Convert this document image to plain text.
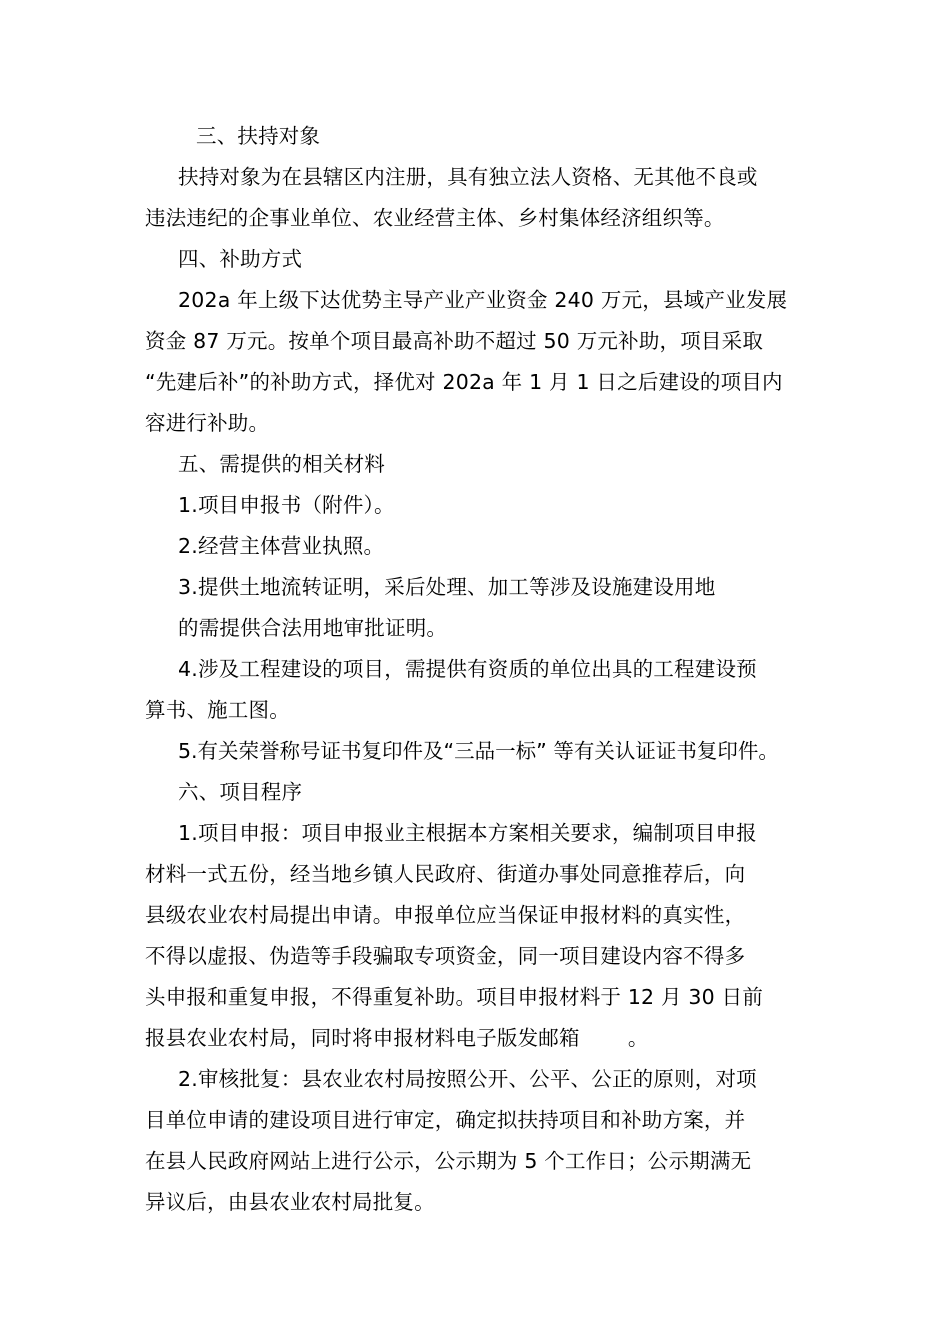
三、扶持对象
扶持对象为在县辖区内注册，具有独立法人资格、无其他不良或
违法违纪的企事业单位、农业经营主体、乡村集体经济组织等。
四、补助方式
202a 年上级下达优势主导产业产业资金 240 万元，县域产业发展
资金 87 万元。按单个项目最高补助不超过 50 万元补助，项目采取
“先建后补”的补助方式，择优对 202a 年 1 月 1 日之后建设的项目内
容进行补助。
五、需提供的相关材料
1.项目申报书（附件）。
2.经营主体营业执照。
3.提供土地流转证明，采后处理、加工等涉及设施建设用地
的需提供合法用地审批证明。
4.涉及工程建设的项目，需提供有资质的单位出具的工程建设预
算书、施工图。
5.有关荣誉称号证书复印件及“三品一标” 等有关认证证书复印件。
六、项目程序
1.项目申报：项目申报业主根据本方案相关要求，编制项目申报
材料一式五份，经当地乡镇人民政府、街道办事处同意推荐后，向
县级农业农村局提出申请。申报单位应当保证申报材料的真实性，
不得以虚报、伪造等手段骗取专项资金，同一项目建设内容不得多
头申报和重复申报，不得重复补助。项目申报材料于 12 月 30 日前
报县农业农村局，同时将申报材料电子版发邮箱 　　。
2.审核批复：县农业农村局按照公开、公平、公正的原则，对项
目单位申请的建设项目进行审定，确定拟扶持项目和补助方案，并
在县人民政府网站上进行公示，公示期为 5 个工作日；公示期满无
异议后，由县农业农村局批复。
